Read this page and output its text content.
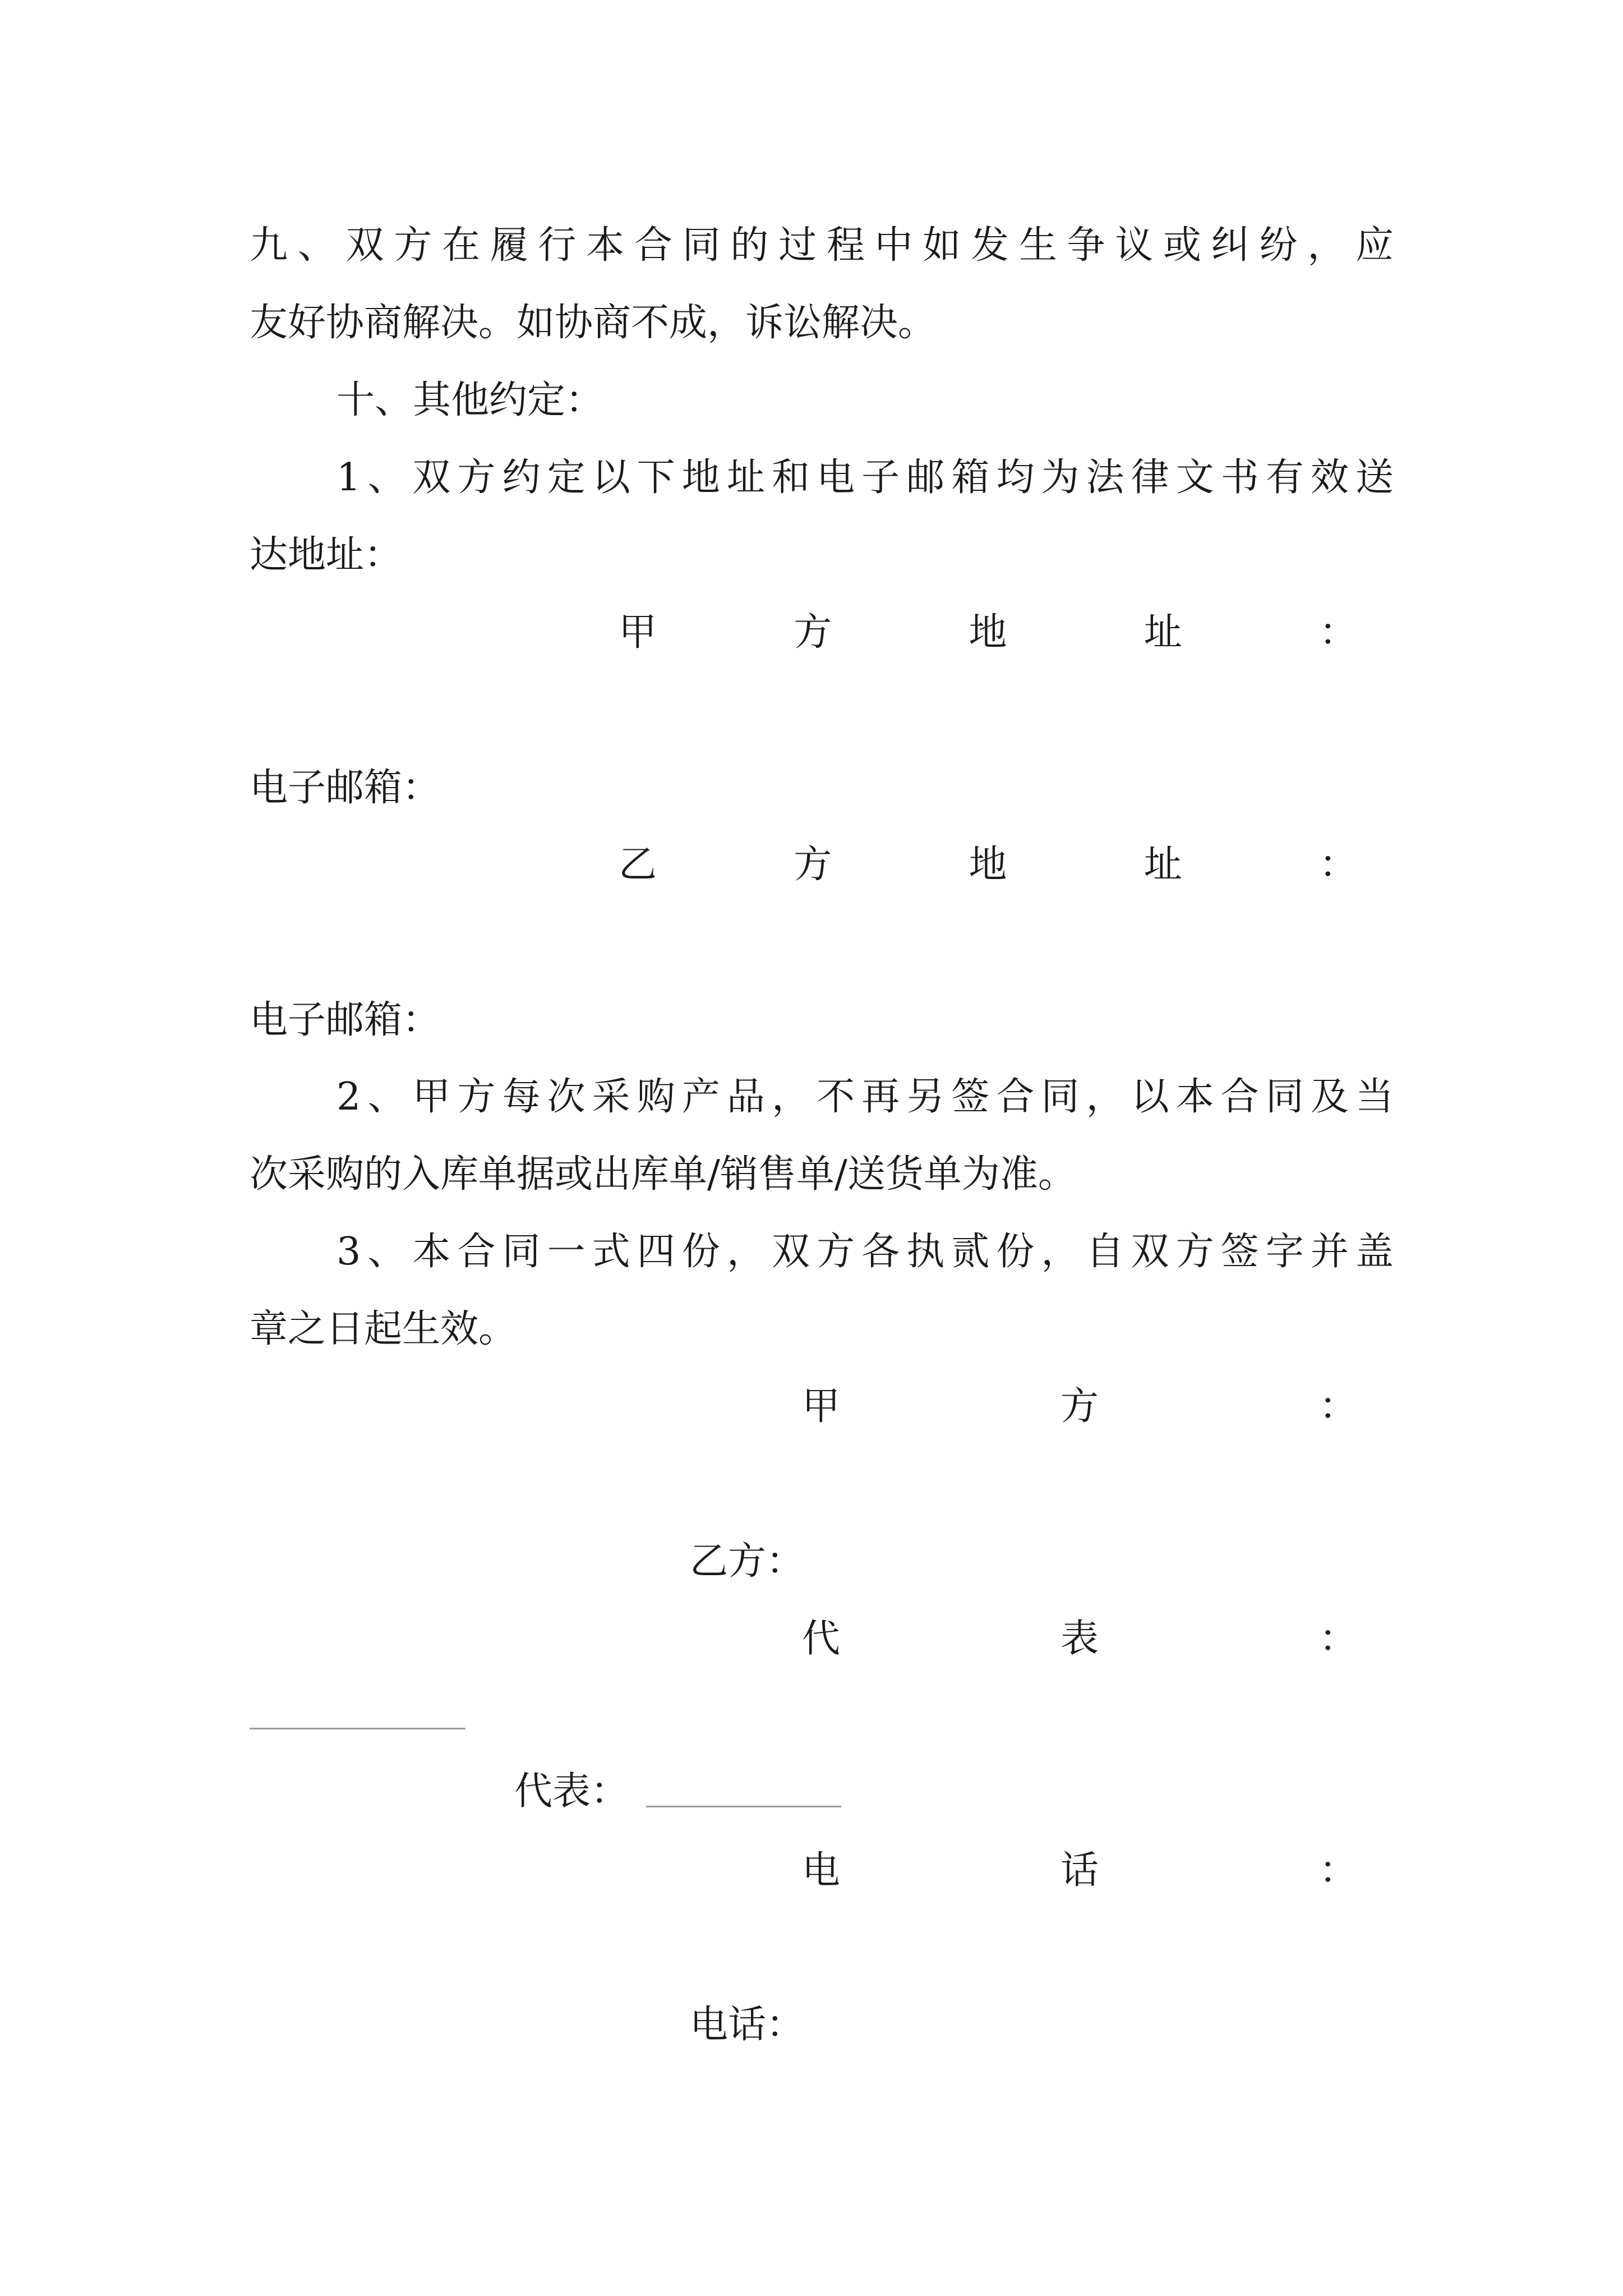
九、双方在履行本合同的过程中如发生争议或纠纷，应
友好协商解决。如协商不成，诉讼解决。
十、其他约定：
1、双方约定以下地址和电子邮箱均为法律文书有效送
达地址：
甲	方	地	址	：
电子邮箱：
乙	方	地	址	：
电子邮箱：
2、甲方每次采购产品，不再另签合同，以本合同及当
次采购的入库单据或出库单/销售单/送货单为准。
3、本合同一式四份，双方各执贰份，自双方签字并盖
章之日起生效。
甲	方	：
乙方：
代	表	：
代表：
电	话	：
电话：
